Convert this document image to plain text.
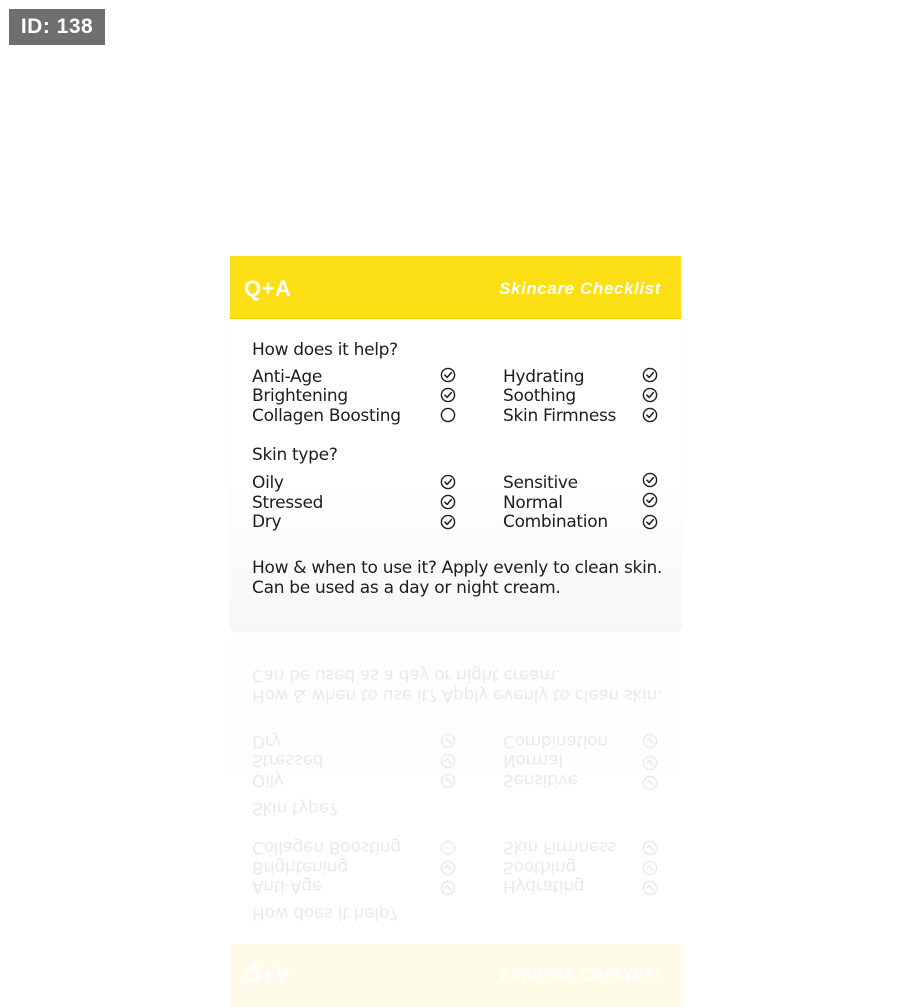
ID: 138
Q+A	Skincare Checklist
How does it help?
Anti-Age
Brightening
Collagen Boosting
Hydrating
Soothing
Skin Firmness
Skin type?
Oily
Stressed
Dry
Sensitive
Normal
Combination
How & when to use it? Apply evenly to clean skin.
Can be used as a day or night cream.
Q+A	Skincare Checklist
How does it help?
Anti-Age
Brightening
Collagen Boosting
Hydrating
Soothing
Skin Firmness
Skin type?
Oily
Stressed
Dry
Sensitive
Normal
Combination
How & when to use it? Apply evenly to clean skin.
Can be used as a day or night cream.
